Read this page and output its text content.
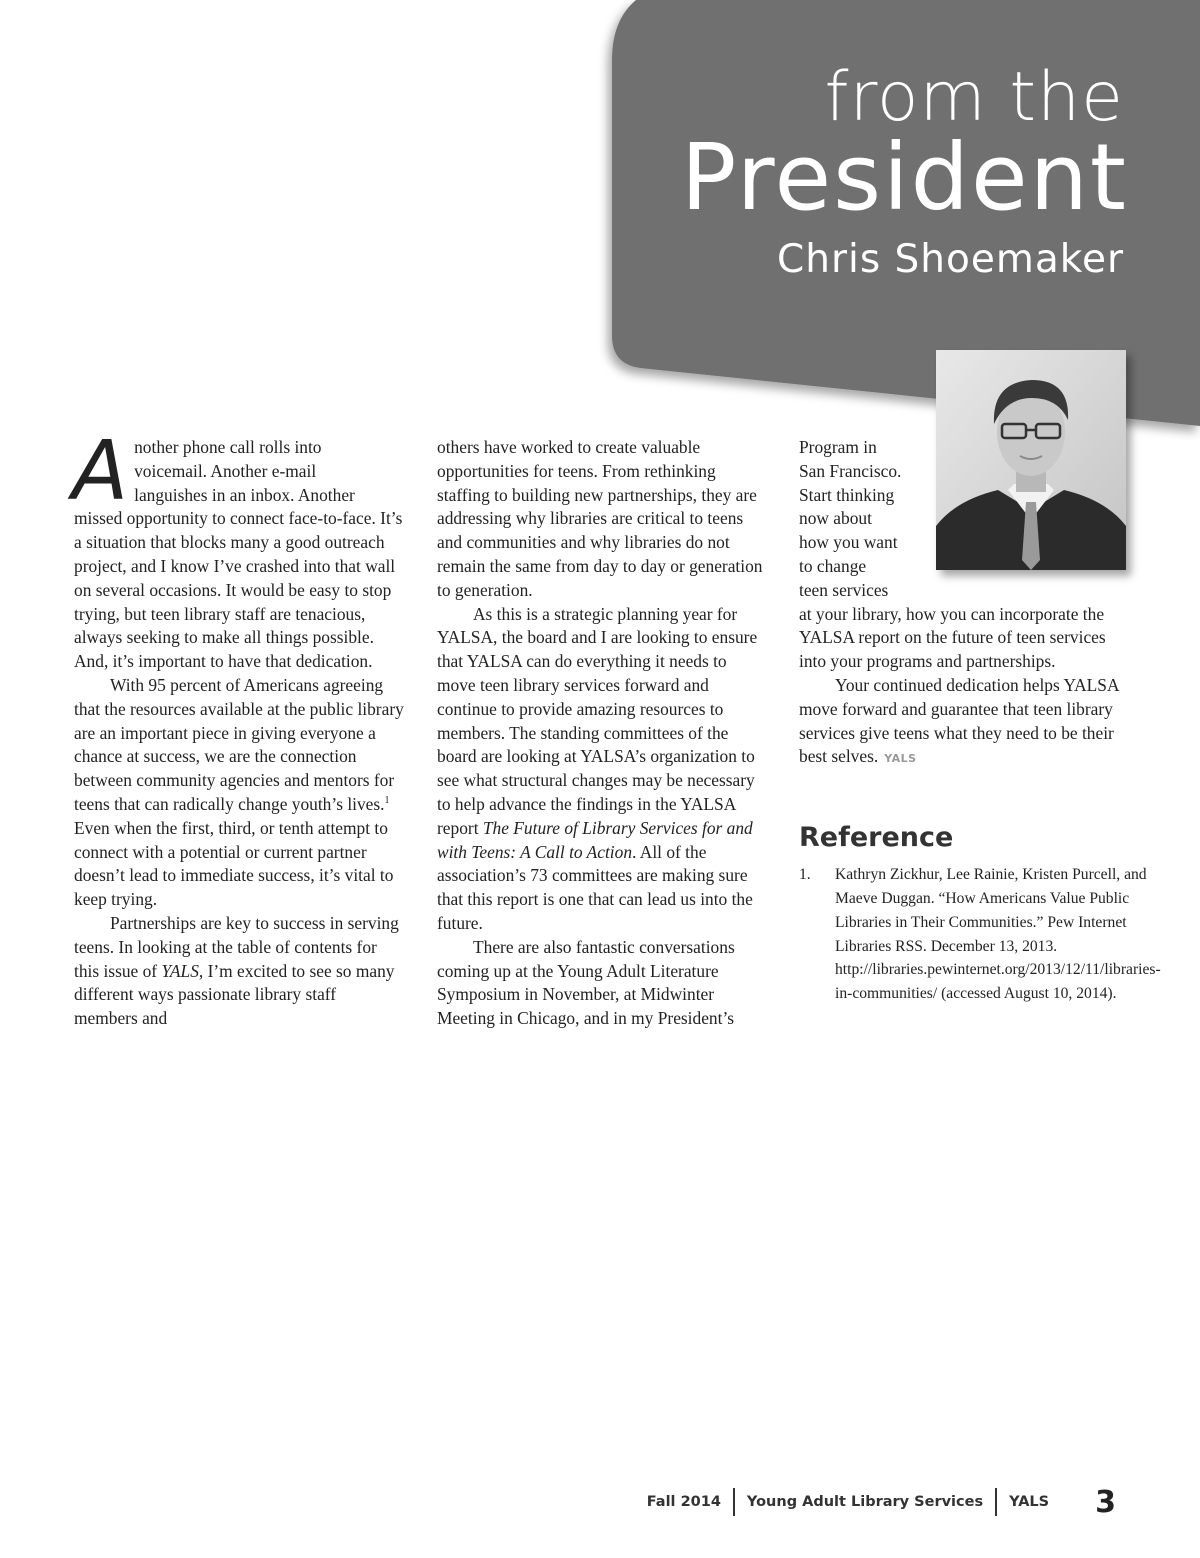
from the
President
Chris Shoemaker

A nother phone call rolls into
voicemail. Another e-mail
languishes in an inbox. Another
missed opportunity to connect face-to-face. It’s a situation that blocks many a good outreach project, and I know I’ve crashed into that wall on several occasions. It would be easy to stop trying, but teen library staff are tenacious, always seeking to make all things possible. And, it’s important to have that dedication.

With 95 percent of Americans agreeing that the resources available at the public library are an important piece in giving everyone a chance at success, we are the connection between community agencies and mentors for teens that can radically change youth’s lives.$^1$ Even when the first, third, or tenth attempt to connect with a potential or current partner doesn’t lead to immediate success, it’s vital to keep trying.

Partnerships are key to success in serving teens. In looking at the table of contents for this issue of YALS, I’m excited to see so many different ways passionate library staff members and

others have worked to create valuable opportunities for teens. From rethinking staffing to building new partnerships, they are addressing why libraries are critical to teens and communities and why libraries do not remain the same from day to day or generation to generation.

As this is a strategic planning year for YALSA, the board and I are looking to ensure that YALSA can do everything it needs to move teen library services forward and continue to provide amazing resources to members. The standing committees of the board are looking at YALSA’s organization to see what structural changes may be necessary to help advance the findings in the YALSA report The Future of Library Services for and with Teens: A Call to Action. All of the association’s 73 committees are making sure that this report is one that can lead us into the future.

There are also fantastic conversations coming up at the Young Adult Literature Symposium in November, at Midwinter Meeting in Chicago, and in my President’s

Program in
San Francisco.
Start thinking
now about
how you want
to change
teen services
at your library, how you can incorporate the YALSA report on the future of teen services into your programs and partnerships.

Your continued dedication helps YALSA move forward and guarantee that teen library services give teens what they need to be their best selves. YALS

Reference
1.	Kathryn Zickhur, Lee Rainie, Kristen Purcell, and Maeve Duggan. “How Americans Value Public Libraries in Their Communities.” Pew Internet Libraries RSS. December 13, 2013. http://libraries.pewinternet.org/2013/12/11/libraries-in-communities/ (accessed August 10, 2014).
Fall 2014 Young Adult Library Services YALS 3
